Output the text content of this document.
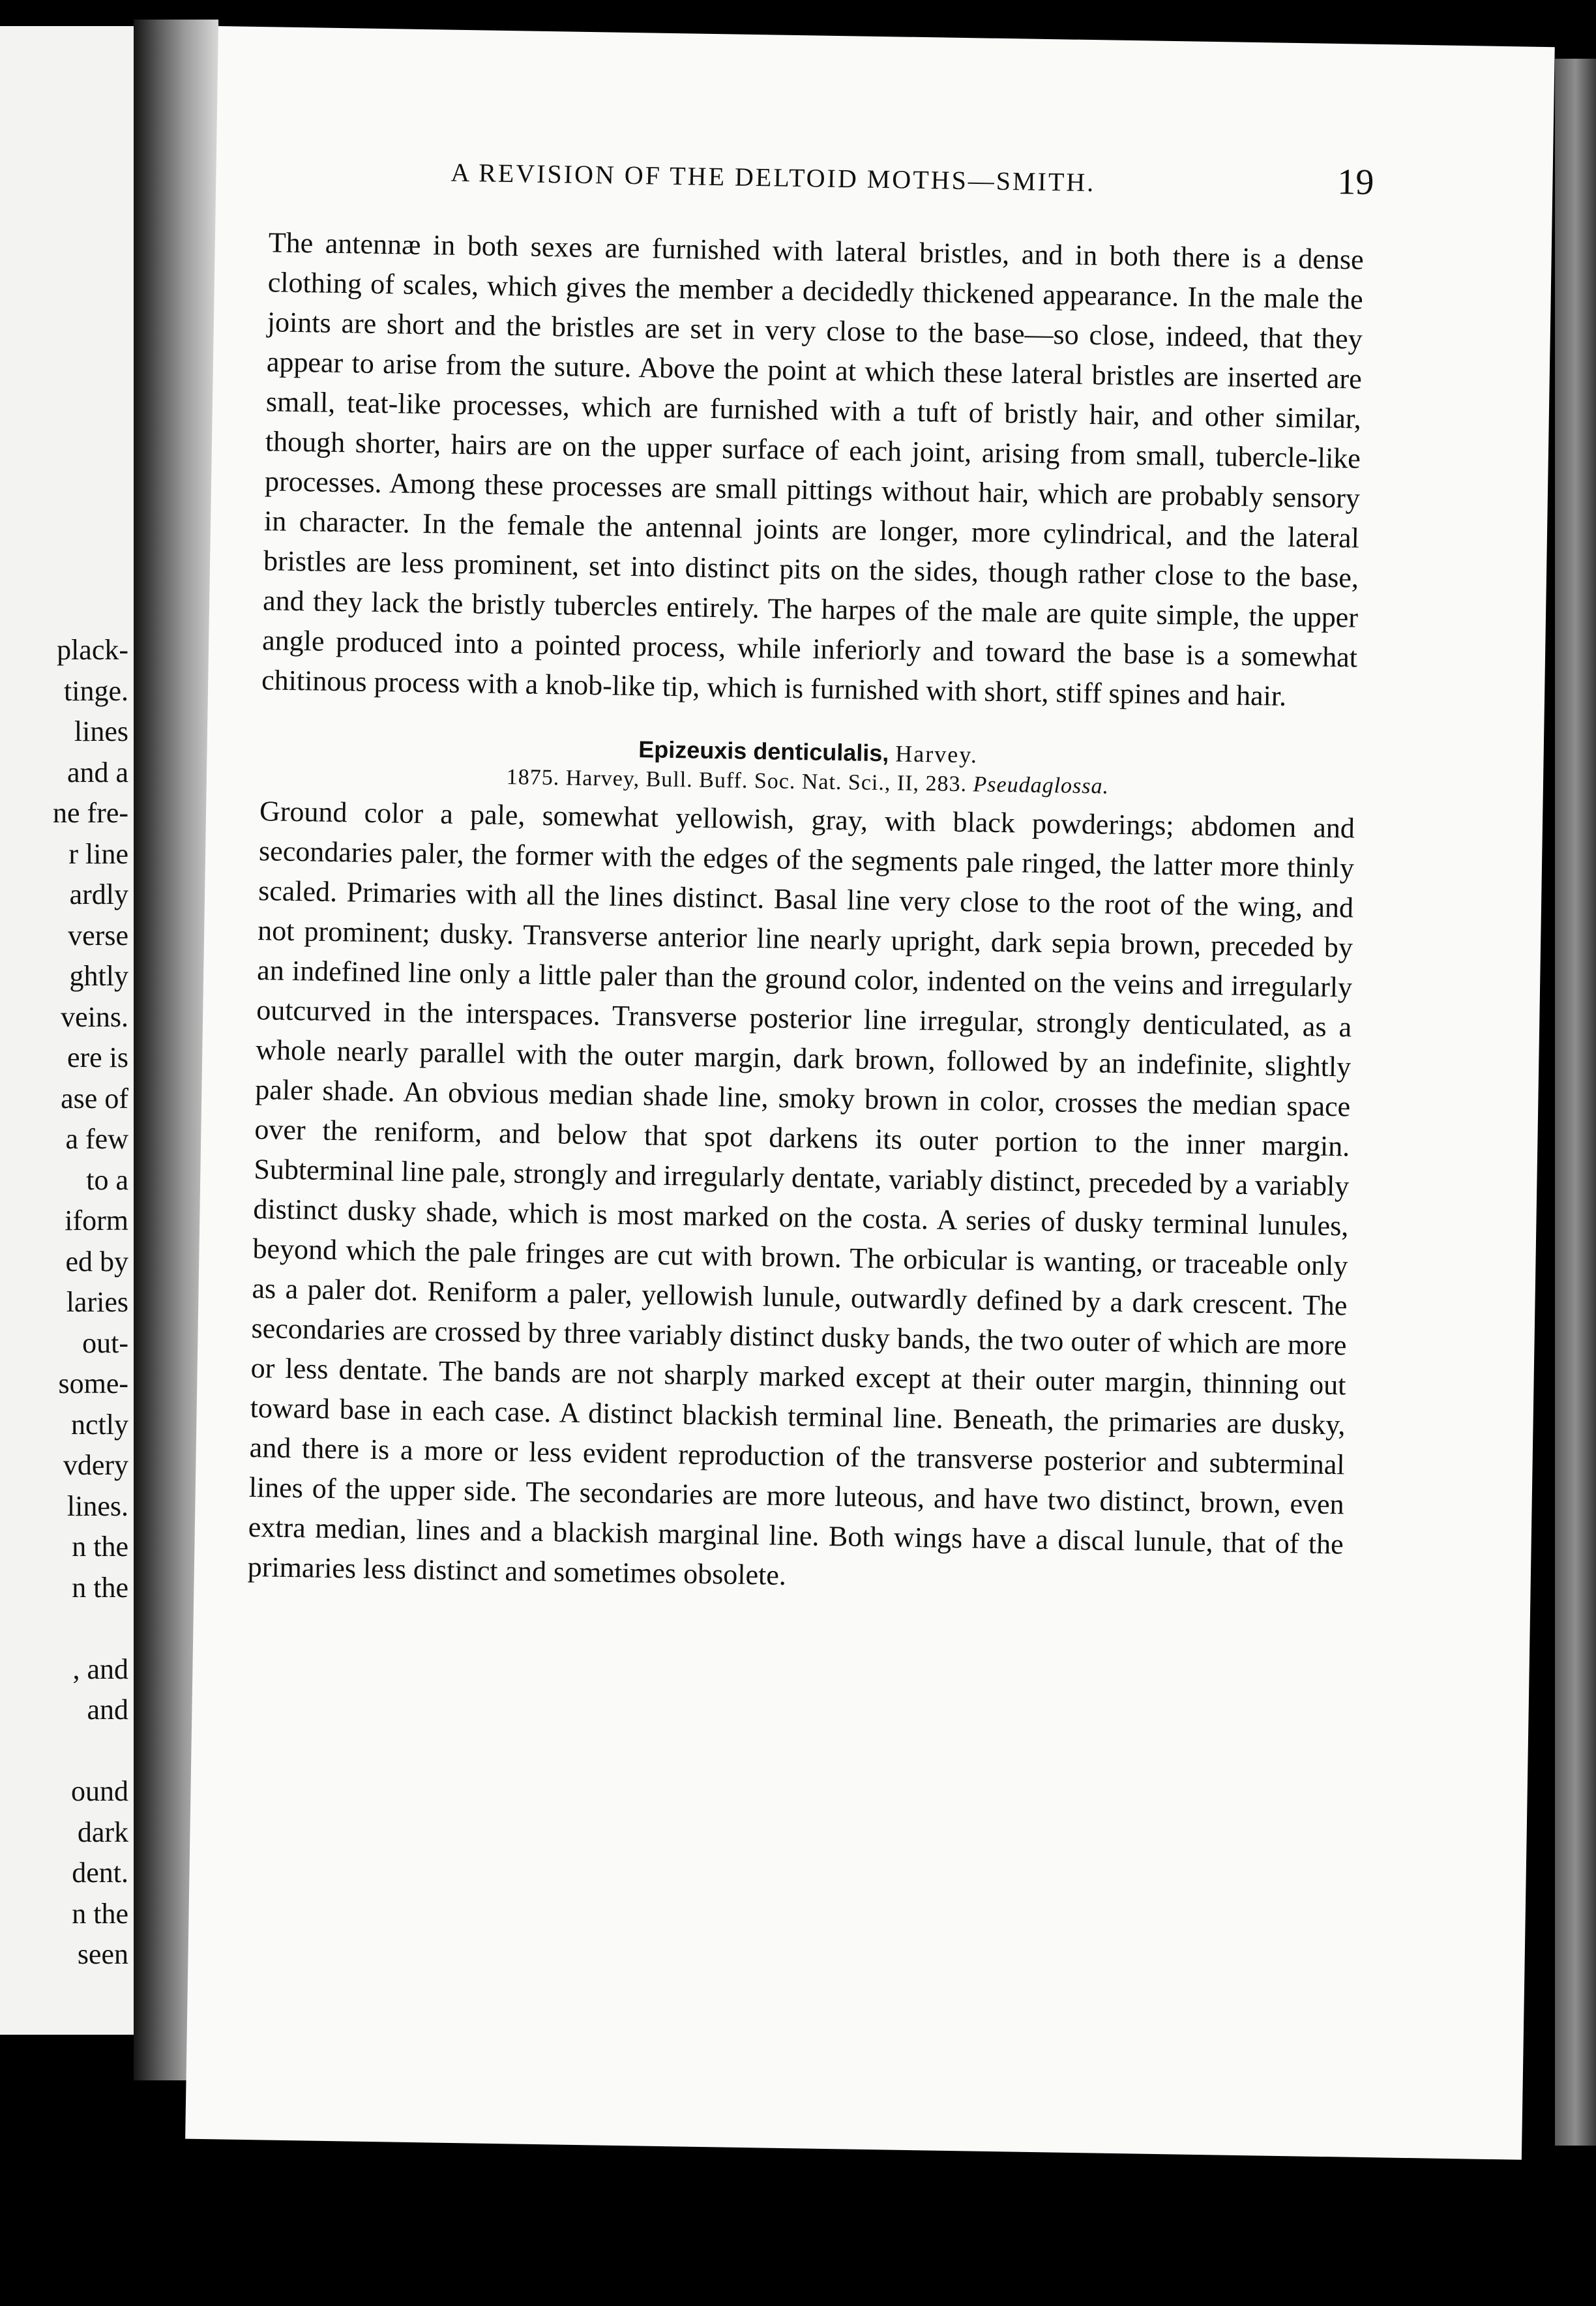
plack-
tinge.
lines
and a
ne fre-
r line
ardly
verse
ghtly
veins.
ere is
ase of
a few
to a
iform
ed by
laries
out-
some-
nctly
vdery
lines.
n the
n the
, and
and
ound
dark
dent.
n the
seen
A REVISION OF THE DELTOID MOTHS—SMITH.	19

The antennæ in both sexes are furnished with lateral bristles, and in both there is a dense clothing of scales, which gives the member a decidedly thickened appearance. In the male the joints are short and the bristles are set in very close to the base—so close, indeed, that they appear to arise from the suture. Above the point at which these lateral bristles are inserted are small, teat-like processes, which are furnished with a tuft of bristly hair, and other similar, though shorter, hairs are on the upper surface of each joint, arising from small, tubercle-like processes. Among these processes are small pittings without hair, which are probably sensory in character. In the female the antennal joints are longer, more cylindrical, and the lateral bristles are less prominent, set into distinct pits on the sides, though rather close to the base, and they lack the bristly tubercles entirely. The harpes of the male are quite simple, the upper angle produced into a pointed process, while inferiorly and toward the base is a somewhat chitinous process with a knob-like tip, which is furnished with short, stiff spines and hair.

Epizeuxis denticulalis, Harvey.
1875. Harvey, Bull. Buff. Soc. Nat. Sci., II, 283. Pseudaglossa.

Ground color a pale, somewhat yellowish, gray, with black powderings; abdomen and secondaries paler, the former with the edges of the segments pale ringed, the latter more thinly scaled. Primaries with all the lines distinct. Basal line very close to the root of the wing, and not prominent; dusky. Transverse anterior line nearly upright, dark sepia brown, preceded by an indefined line only a little paler than the ground color, indented on the veins and irregularly outcurved in the interspaces. Transverse posterior line irregular, strongly denticulated, as a whole nearly parallel with the outer margin, dark brown, followed by an indefinite, slightly paler shade. An obvious median shade line, smoky brown in color, crosses the median space over the reniform, and below that spot darkens its outer portion to the inner margin. Subterminal line pale, strongly and irregularly dentate, variably distinct, preceded by a variably distinct dusky shade, which is most marked on the costa. A series of dusky terminal lunules, beyond which the pale fringes are cut with brown. The orbicular is wanting, or traceable only as a paler dot. Reniform a paler, yellowish lunule, outwardly defined by a dark crescent. The secondaries are crossed by three variably distinct dusky bands, the two outer of which are more or less dentate. The bands are not sharply marked except at their outer margin, thinning out toward base in each case. A distinct blackish terminal line. Beneath, the primaries are dusky, and there is a more or less evident reproduction of the transverse posterior and subterminal lines of the upper side. The secondaries are more luteous, and have two distinct, brown, even extra median, lines and a blackish marginal line. Both wings have a discal lunule, that of the primaries less distinct and sometimes obsolete.
